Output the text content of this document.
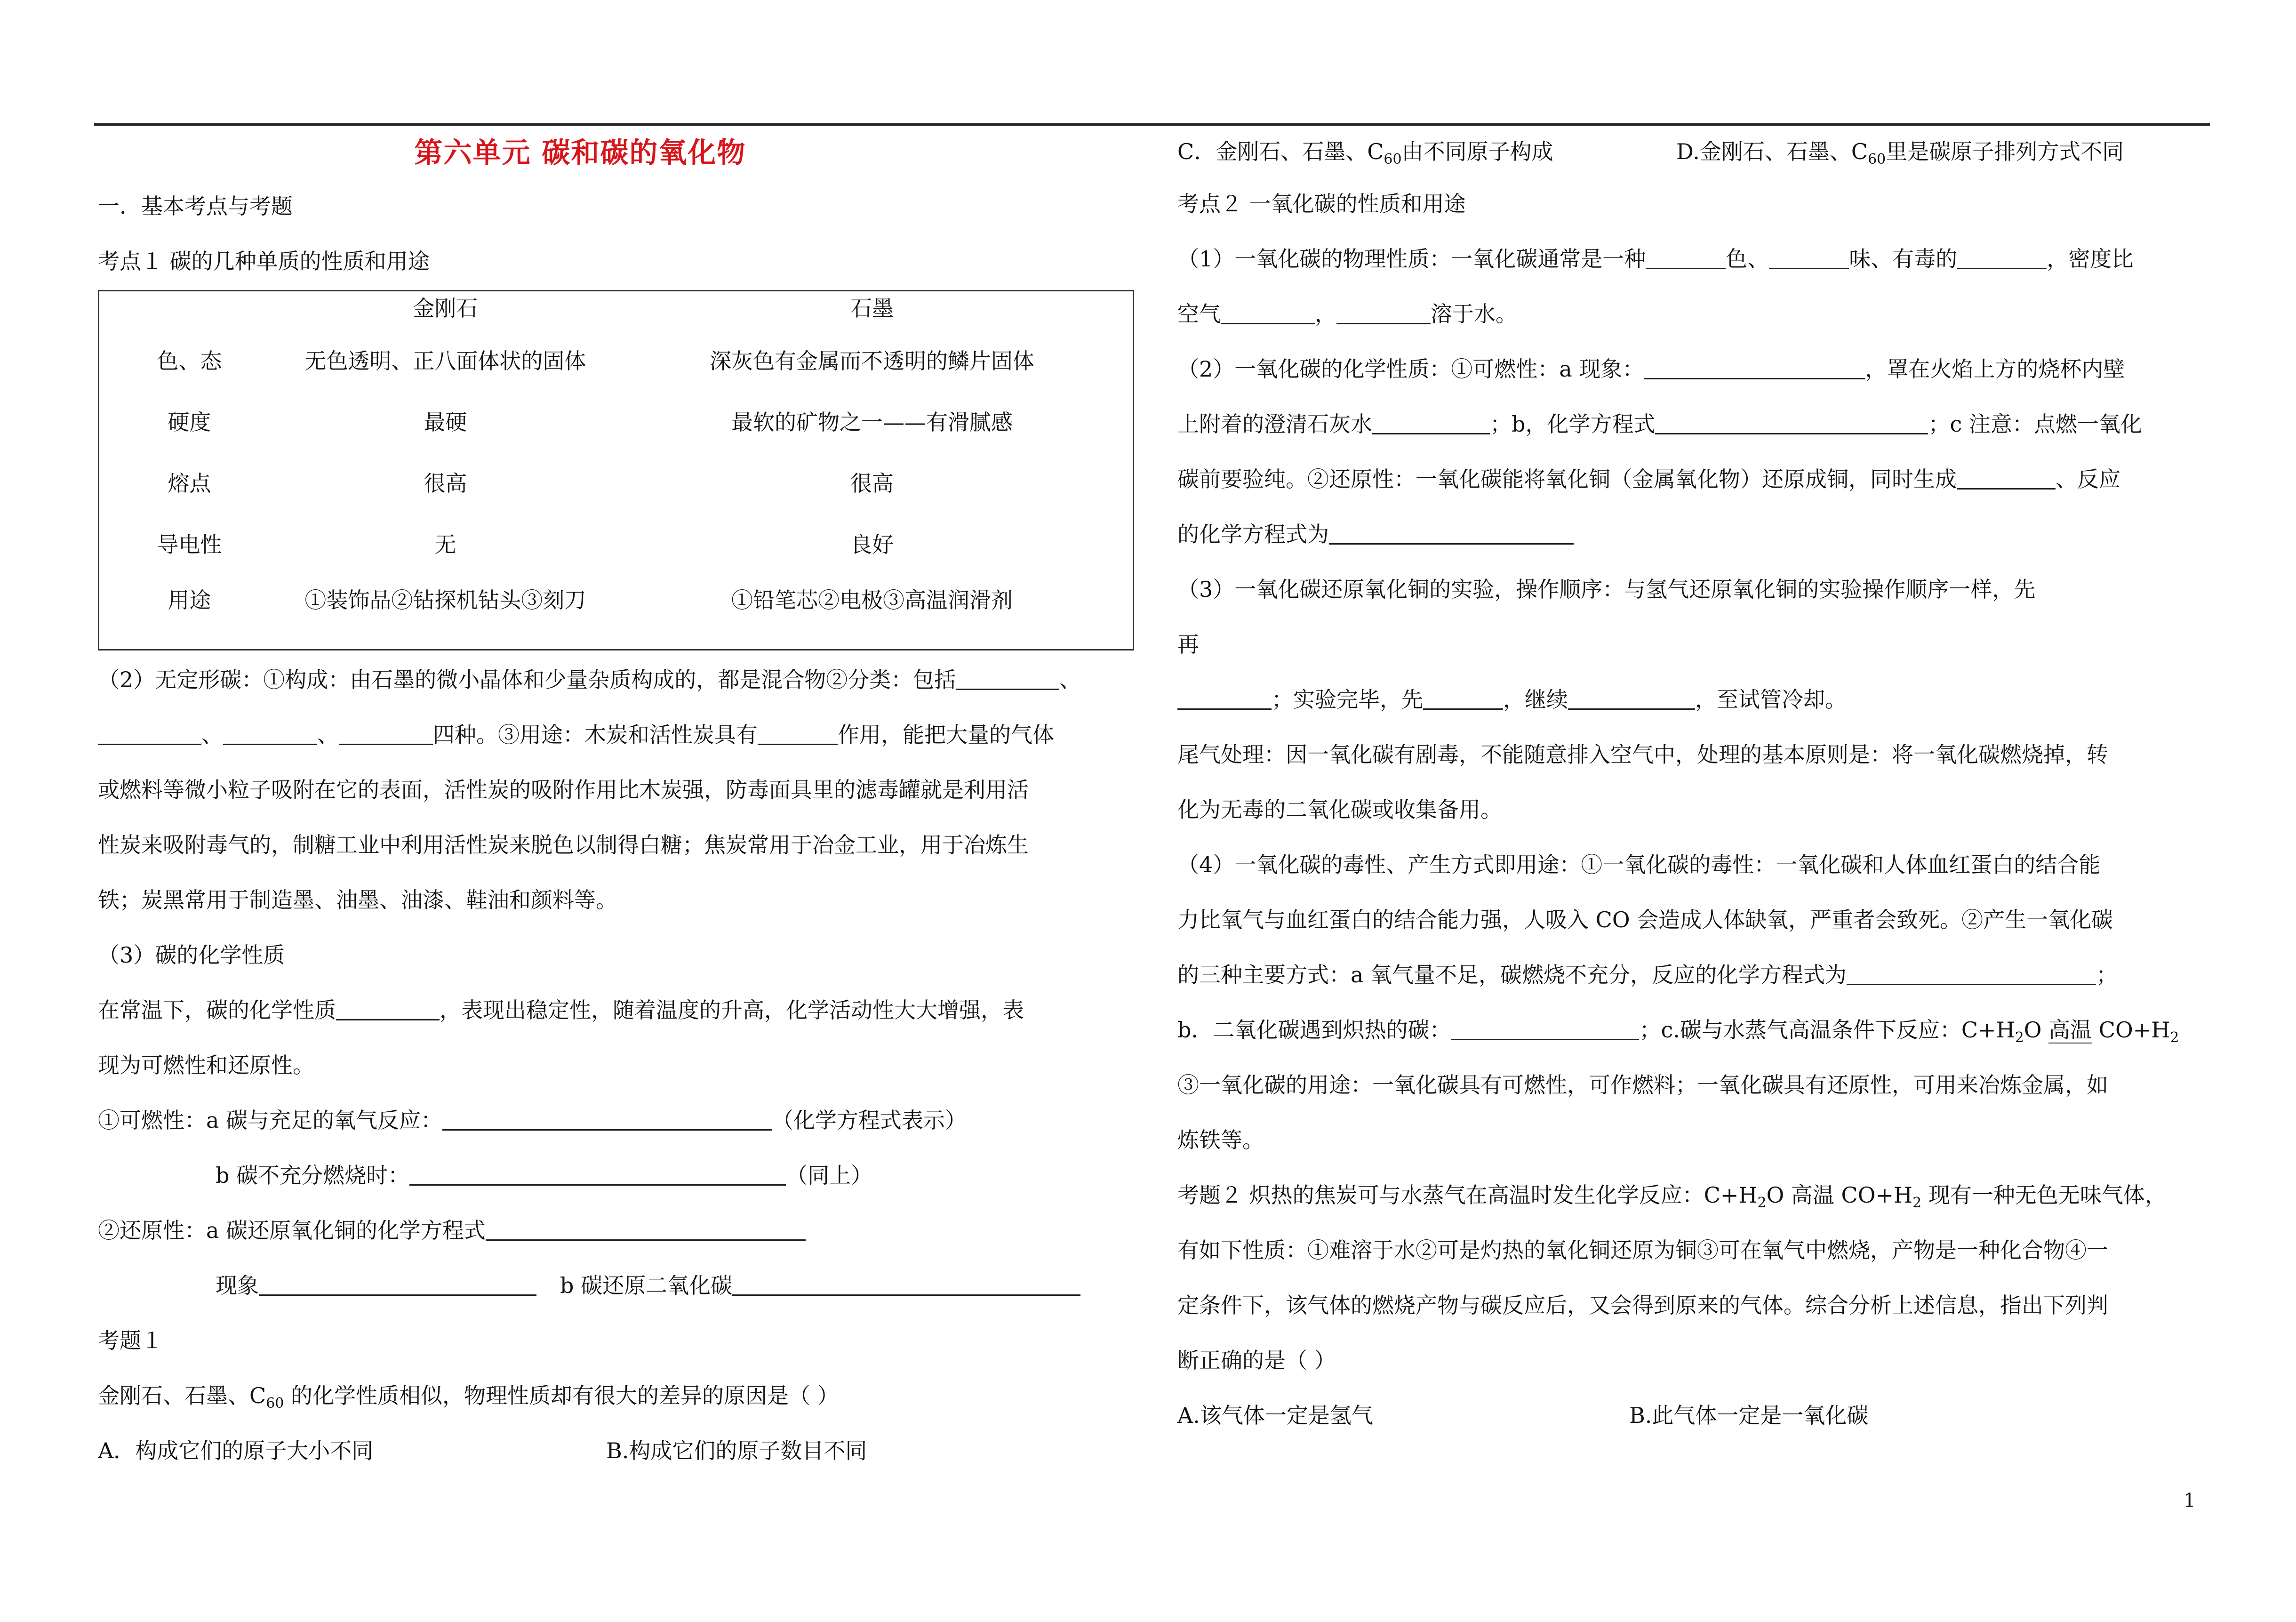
第六单元 碳和碳的氧化物
一．基本考点与考题
考点１ 碳的几种单质的性质和用途
	金刚石	石墨
色、态	无色透明、正八面体状的固体	深灰色有金属而不透明的鳞片固体
硬度	最硬	最软的矿物之一——有滑腻感
熔点	很高	很高
导电性	无	良好
用途	①装饰品②钻探机钻头③刻刀	①铅笔芯②电极③高温润滑剂
（2）无定形碳：①构成：由石墨的微小晶体和少量杂质构成的，都是混合物②分类：包括	、
、	、	四种。③用途：木炭和活性炭具有	作用，能把大量的气体
或燃料等微小粒子吸附在它的表面，活性炭的吸附作用比木炭强，防毒面具里的滤毒罐就是利用活
性炭来吸附毒气的，制糖工业中利用活性炭来脱色以制得白糖；焦炭常用于冶金工业，用于冶炼生
铁；炭黑常用于制造墨、油墨、油漆、鞋油和颜料等。
（3）碳的化学性质
在常温下，碳的化学性质	，表现出稳定性，随着温度的升高，化学活动性大大增强，表
现为可燃性和还原性。
①可燃性：a 碳与充足的氧气反应：	（化学方程式表示）
b 碳不充分燃烧时：	（同上）
②还原性：a 碳还原氧化铜的化学方程式
现象	b 碳还原二氧化碳
考题１
金刚石、石墨、$C_{60}$ 的化学性质相似，物理性质却有很大的差异的原因是（ ）
A．构成它们的原子大小不同	B.构成它们的原子数目不同
C．金刚石、石墨、$C_{60}$由不同原子构成	D.金刚石、石墨、$C_{60}$里是碳原子排列方式不同
考点２ 一氧化碳的性质和用途
（1）一氧化碳的物理性质：一氧化碳通常是一种	色、	味、有毒的	，密度比
空气	，	溶于水。
（2）一氧化碳的化学性质：①可燃性：a 现象：	，罩在火焰上方的烧杯内壁
上附着的澄清石灰水	；b，化学方程式	；c 注意：点燃一氧化
碳前要验纯。②还原性：一氧化碳能将氧化铜（金属氧化物）还原成铜，同时生成	、反应
的化学方程式为
（3）一氧化碳还原氧化铜的实验，操作顺序：与氢气还原氧化铜的实验操作顺序一样，先
再
；实验完毕，先	，继续	，至试管冷却。
尾气处理：因一氧化碳有剧毒，不能随意排入空气中，处理的基本原则是：将一氧化碳燃烧掉，转
化为无毒的二氧化碳或收集备用。
（4）一氧化碳的毒性、产生方式即用途：①一氧化碳的毒性：一氧化碳和人体血红蛋白的结合能
力比氧气与血红蛋白的结合能力强，人吸入 CO 会造成人体缺氧，严重者会致死。②产生一氧化碳
的三种主要方式：a 氧气量不足，碳燃烧不充分，反应的化学方程式为	；
b．二氧化碳遇到炽热的碳：	；c.碳与水蒸气高温条件下反应：$C+H_2O$ 高温 $CO+H_2$
③一氧化碳的用途：一氧化碳具有可燃性，可作燃料；一氧化碳具有还原性，可用来冶炼金属，如
炼铁等。
考题２ 炽热的焦炭可与水蒸气在高温时发生化学反应：$C+H_2O$ 高温 $CO+H_2$ 现有一种无色无味气体，
有如下性质：①难溶于水②可是灼热的氧化铜还原为铜③可在氧气中燃烧，产物是一种化合物④一
定条件下，该气体的燃烧产物与碳反应后，又会得到原来的气体。综合分析上述信息，指出下列判
断正确的是（ ）
A.该气体一定是氢气	B.此气体一定是一氧化碳
1
